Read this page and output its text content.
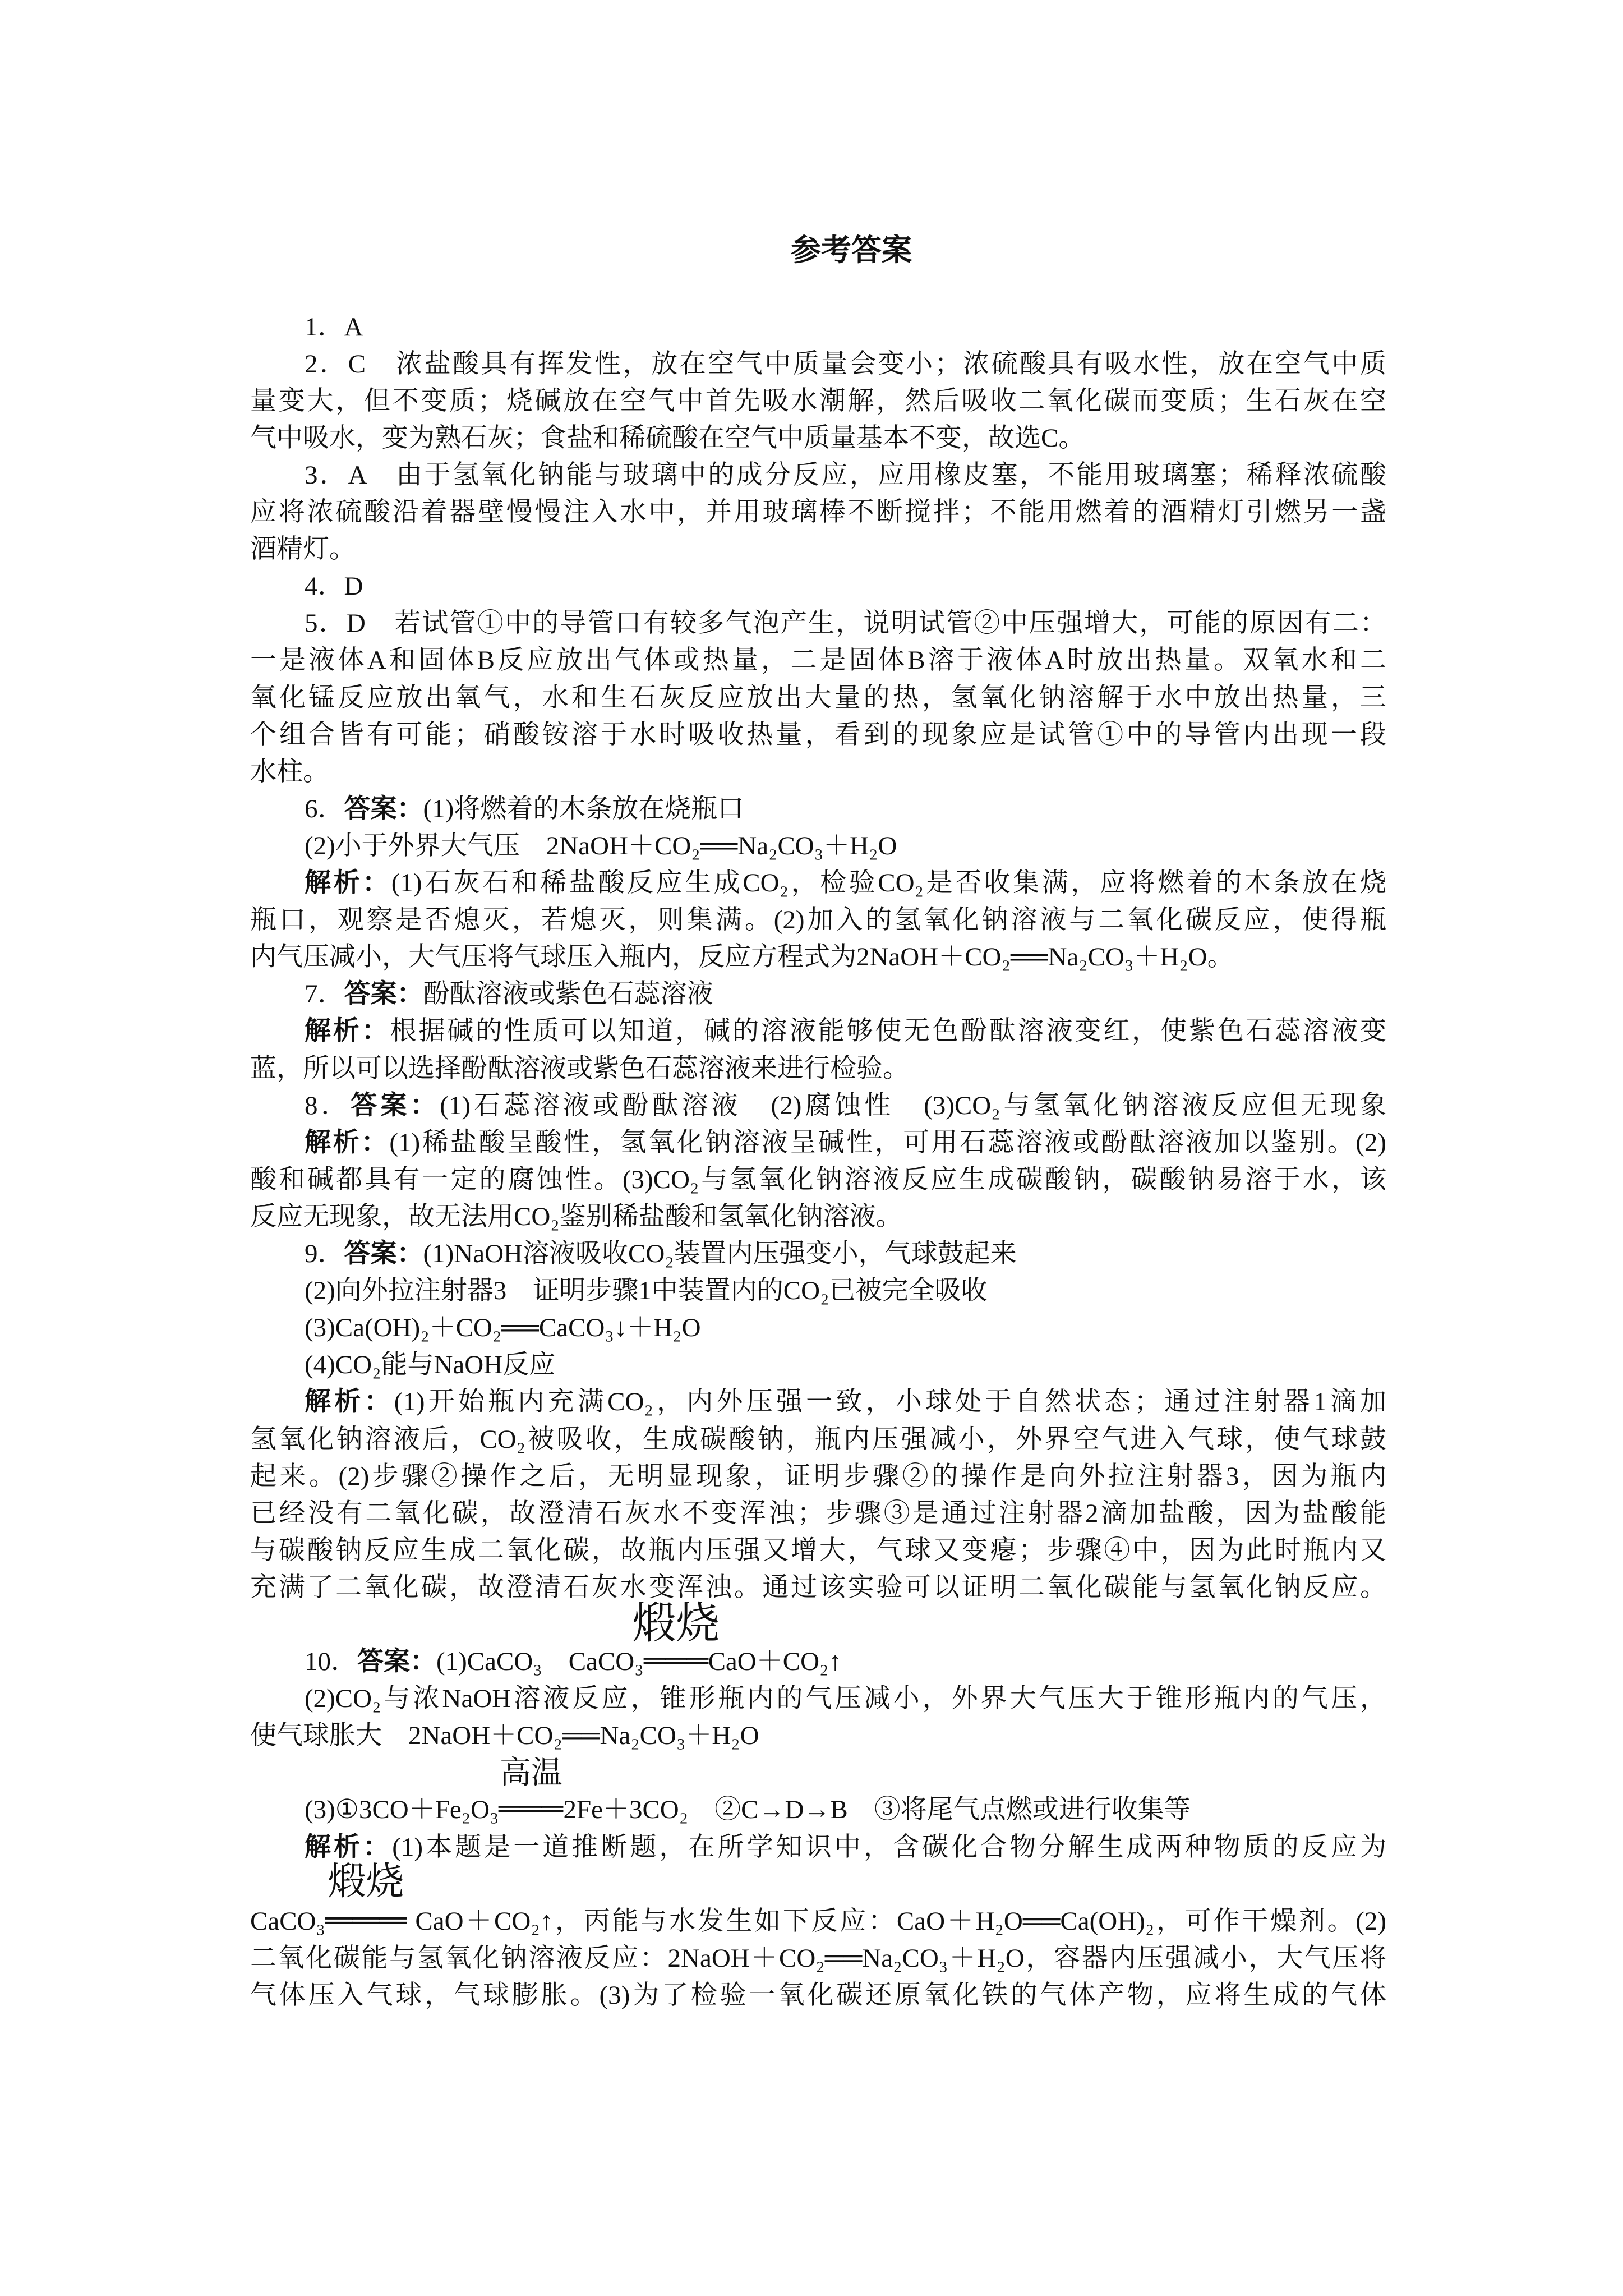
参考答案
1．A
2．C　浓盐酸具有挥发性，放在空气中质量会变小；浓硫酸具有吸水性，放在空气中质
量变大，但不变质；烧碱放在空气中首先吸水潮解，然后吸收二氧化碳而变质；生石灰在空
气中吸水，变为熟石灰；食盐和稀硫酸在空气中质量基本不变，故选C。
3．A　由于氢氧化钠能与玻璃中的成分反应，应用橡皮塞，不能用玻璃塞；稀释浓硫酸
应将浓硫酸沿着器壁慢慢注入水中，并用玻璃棒不断搅拌；不能用燃着的酒精灯引燃另一盏
酒精灯。
4．D
5．D　若试管①中的导管口有较多气泡产生，说明试管②中压强增大，可能的原因有二：
一是液体A和固体B反应放出气体或热量，二是固体B溶于液体A时放出热量。双氧水和二
氧化锰反应放出氧气，水和生石灰反应放出大量的热，氢氧化钠溶解于水中放出热量，三
个组合皆有可能；硝酸铵溶于水时吸收热量，看到的现象应是试管①中的导管内出现一段
水柱。
6．答案：(1)将燃着的木条放在烧瓶口
(2)小于外界大气压　2NaOH＋CO₂══Na₂CO₃＋H₂O
解析：(1)石灰石和稀盐酸反应生成CO₂，检验CO₂是否收集满，应将燃着的木条放在烧
瓶口，观察是否熄灭，若熄灭，则集满。(2)加入的氢氧化钠溶液与二氧化碳反应，使得瓶
内气压减小，大气压将气球压入瓶内，反应方程式为2NaOH＋CO₂══Na₂CO₃＋H₂O。
7．答案：酚酞溶液或紫色石蕊溶液
解析：根据碱的性质可以知道，碱的溶液能够使无色酚酞溶液变红，使紫色石蕊溶液变
蓝，所以可以选择酚酞溶液或紫色石蕊溶液来进行检验。
8．答案：(1)石蕊溶液或酚酞溶液　(2)腐蚀性　(3)CO₂与氢氧化钠溶液反应但无现象
解析：(1)稀盐酸呈酸性，氢氧化钠溶液呈碱性，可用石蕊溶液或酚酞溶液加以鉴别。(2)
酸和碱都具有一定的腐蚀性。(3)CO₂与氢氧化钠溶液反应生成碳酸钠，碳酸钠易溶于水，该
反应无现象，故无法用CO₂鉴别稀盐酸和氢氧化钠溶液。
9．答案：(1)NaOH溶液吸收CO₂装置内压强变小，气球鼓起来
(2)向外拉注射器3　证明步骤1中装置内的CO₂已被完全吸收
(3)Ca(OH)₂＋CO₂══CaCO₃↓＋H₂O
(4)CO₂能与NaOH反应
解析：(1)开始瓶内充满CO₂，内外压强一致，小球处于自然状态；通过注射器1滴加
氢氧化钠溶液后，CO₂被吸收，生成碳酸钠，瓶内压强减小，外界空气进入气球，使气球鼓
起来。(2)步骤②操作之后，无明显现象，证明步骤②的操作是向外拉注射器3，因为瓶内
已经没有二氧化碳，故澄清石灰水不变浑浊；步骤③是通过注射器2滴加盐酸，因为盐酸能
与碳酸钠反应生成二氧化碳，故瓶内压强又增大，气球又变瘪；步骤④中，因为此时瓶内又
充满了二氧化碳，故澄清石灰水变浑浊。通过该实验可以证明二氧化碳能与氢氧化钠反应。
10．答案：(1)CaCO₃　CaCO₃
煅烧
═══CaO＋CO₂↑
(2)CO₂与浓NaOH溶液反应，锥形瓶内的气压减小，外界大气压大于锥形瓶内的气压，
使气球胀大　2NaOH＋CO₂══Na₂CO₃＋H₂O
(3)①3CO＋Fe₂O₃
高温
═══2Fe＋3CO₂　②C→D→B　③将尾气点燃或进行收集等
解析：(1)本题是一道推断题，在所学知识中，含碳化合物分解生成两种物质的反应为
CaCO₃
煅烧
═══ CaO＋CO₂↑，丙能与水发生如下反应：CaO＋H₂O══Ca(OH)₂，可作干燥剂。(2)
二氧化碳能与氢氧化钠溶液反应：2NaOH＋CO₂══Na₂CO₃＋H₂O，容器内压强减小，大气压将
气体压入气球，气球膨胀。(3)为了检验一氧化碳还原氧化铁的气体产物，应将生成的气体
